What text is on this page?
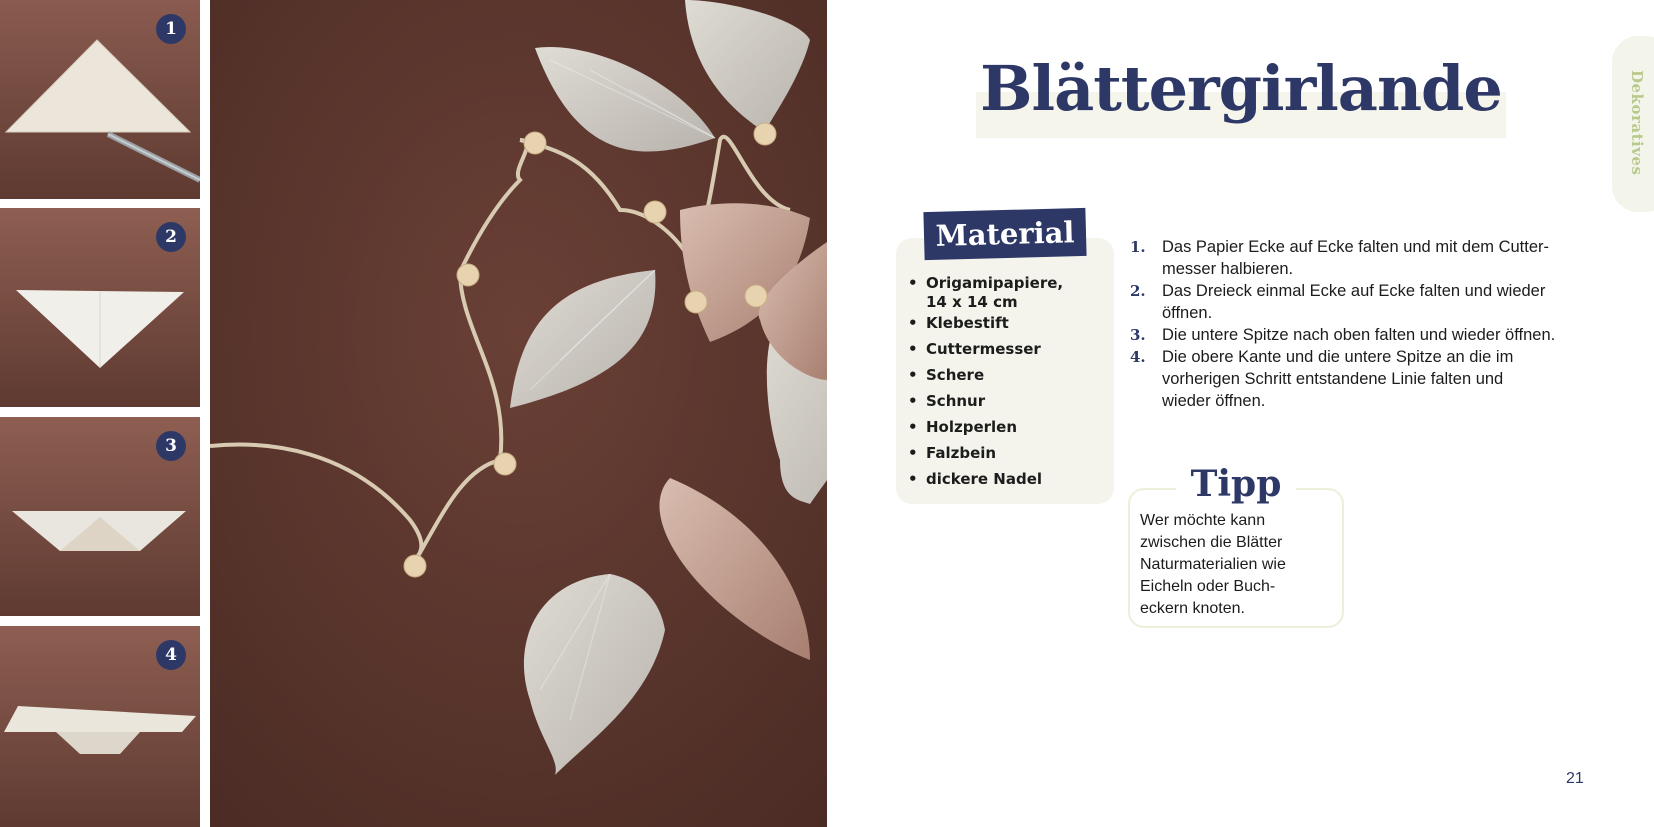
1
2
3
4
Blättergirlande	Dekoratives
Material
• Origamipapiere,
14 x 14 cm
• Klebestift
• Cuttermesser
• Schere
• Schnur
• Holzperlen
• Falzbein
• dickere Nadel
1. Das Papier Ecke auf Ecke falten und mit dem Cutter-
messer halbieren.
2. Das Dreieck einmal Ecke auf Ecke falten und wieder
öffnen.
3. Die untere Spitze nach oben falten und wieder öffnen.
4. Die obere Kante und die untere Spitze an die im
vorherigen Schritt entstandene Linie falten und
wieder öffnen.
Tipp
Wer möchte kann
zwischen die Blätter
Naturmaterialien wie
Eicheln oder Buch-
eckern knoten.
21
